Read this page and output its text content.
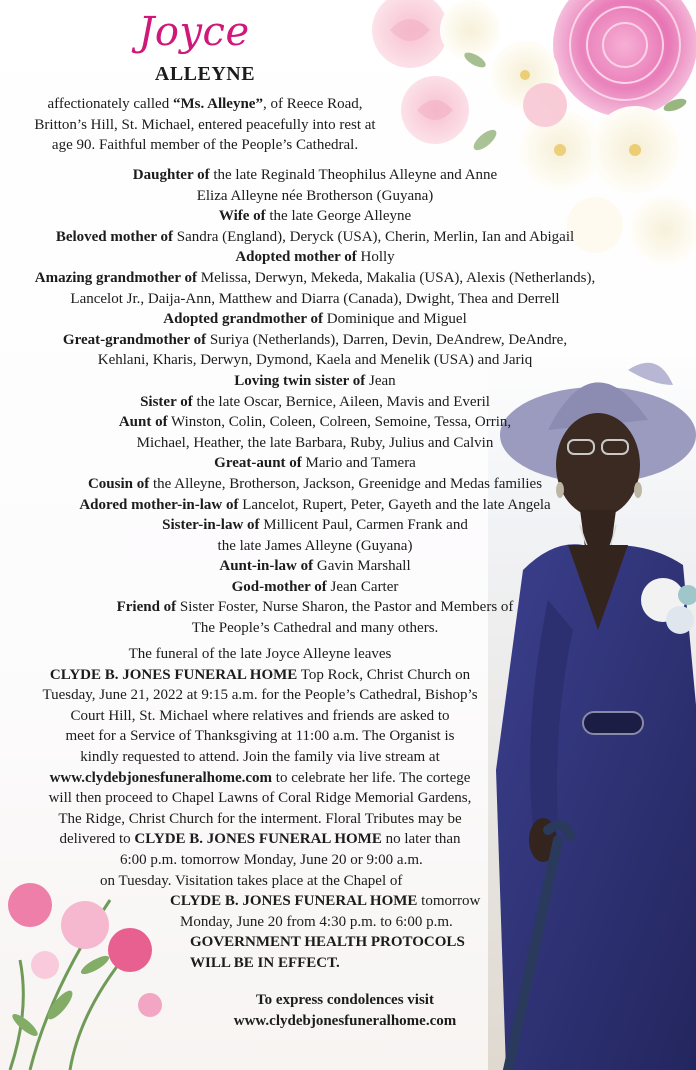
Joyce
ALLEYNE
affectionately called “Ms. Alleyne”, of Reece Road,
Britton’s Hill, St. Michael, entered peacefully into rest at
age 90. Faithful member of the People’s Cathedral.
Daughter of the late Reginald Theophilus Alleyne and Anne
Eliza Alleyne née Brotherson (Guyana)
Wife of the late George Alleyne
Beloved mother of Sandra (England), Deryck (USA), Cherin, Merlin, Ian and Abigail
Adopted mother of Holly
Amazing grandmother of Melissa, Derwyn, Mekeda, Makalia (USA), Alexis (Netherlands),
Lancelot Jr., Daija-Ann, Matthew and Diarra (Canada), Dwight, Thea and Derrell
Adopted grandmother of Dominique and Miguel
Great-grandmother of Suriya (Netherlands), Darren, Devin, DeAndrew, DeAndre,
Kehlani, Kharis, Derwyn, Dymond, Kaela and Menelik (USA) and Jariq
Loving twin sister of Jean
Sister of the late Oscar, Bernice, Aileen, Mavis and Everil
Aunt of Winston, Colin, Coleen, Colreen, Semoine, Tessa, Orrin,
Michael, Heather, the late Barbara, Ruby, Julius and Calvin
Great-aunt of Mario and Tamera
Cousin of the Alleyne, Brotherson, Jackson, Greenidge and Medas families
Adored mother-in-law of Lancelot, Rupert, Peter, Gayeth and the late Angela
Sister-in-law of Millicent Paul, Carmen Frank and
the late James Alleyne (Guyana)
Aunt-in-law of Gavin Marshall
God-mother of Jean Carter
Friend of Sister Foster, Nurse Sharon, the Pastor and Members of
The People’s Cathedral and many others.
The funeral of the late Joyce Alleyne leaves
CLYDE B. JONES FUNERAL HOME Top Rock, Christ Church on
Tuesday, June 21, 2022 at 9:15 a.m. for the People’s Cathedral, Bishop’s
Court Hill, St. Michael where relatives and friends are asked to
meet for a Service of Thanksgiving at 11:00 a.m. The Organist is
kindly requested to attend. Join the family via live stream at
www.clydebjonesfuneralhome.com to celebrate her life. The cortege
will then proceed to Chapel Lawns of Coral Ridge Memorial Gardens,
The Ridge, Christ Church for the interment. Floral Tributes may be
delivered to CLYDE B. JONES FUNERAL HOME no later than
6:00 p.m. tomorrow Monday, June 20 or 9:00 a.m.
on Tuesday. Visitation takes place at the Chapel of
CLYDE B. JONES FUNERAL HOME tomorrow
Monday, June 20 from 4:30 p.m. to 6:00 p.m.
GOVERNMENT HEALTH PROTOCOLS
WILL BE IN EFFECT.
To express condolences visit
www.clydebjonesfuneralhome.com
